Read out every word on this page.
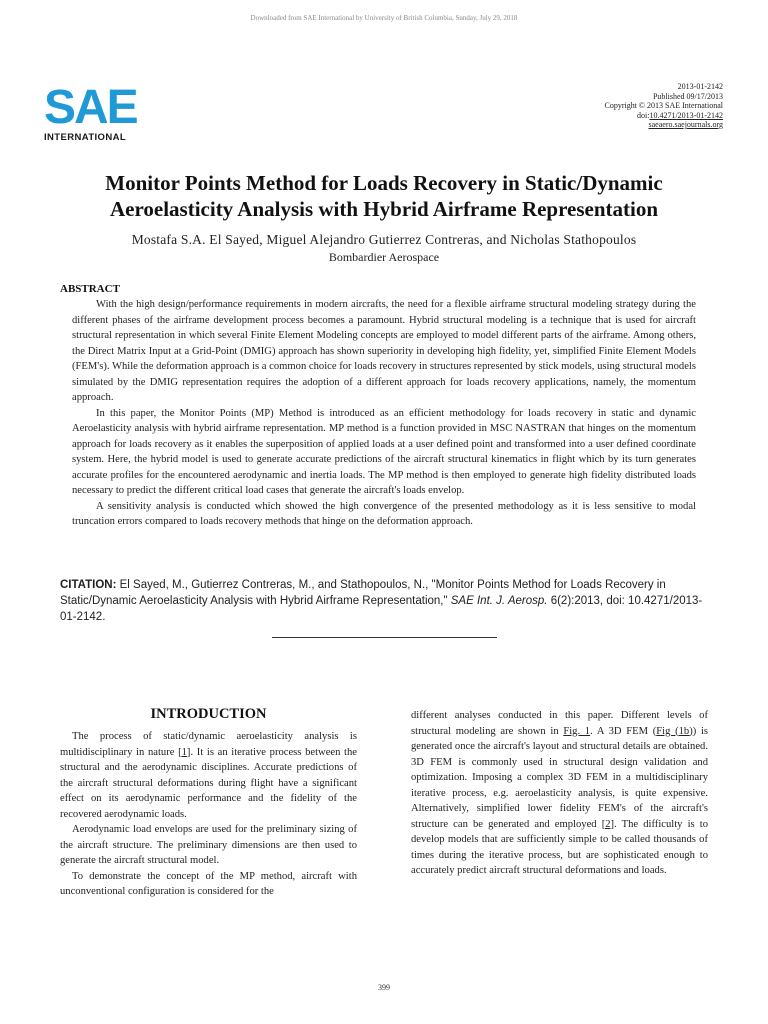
Downloaded from SAE International by University of British Columbia, Sunday, July 29, 2018
SAE
INTERNATIONAL
2013-01-2142
Published 09/17/2013
Copyright © 2013 SAE International
doi:10.4271/2013-01-2142
saeaero.saejournals.org
Monitor Points Method for Loads Recovery in Static/Dynamic
Aeroelasticity Analysis with Hybrid Airframe Representation
Mostafa S.A. El Sayed, Miguel Alejandro Gutierrez Contreras, and Nicholas Stathopoulos
Bombardier Aerospace
ABSTRACT

With the high design/performance requirements in modern aircrafts, the need for a flexible airframe structural modeling strategy during the different phases of the airframe development process becomes a paramount. Hybrid structural modeling is a technique that is used for aircraft structural representation in which several Finite Element Modeling concepts are employed to model different parts of the airframe. Among others, the Direct Matrix Input at a Grid-Point (DMIG) approach has shown superiority in developing high fidelity, yet, simplified Finite Element Models (FEM's). While the deformation approach is a common choice for loads recovery in structures represented by stick models, using structural models simulated by the DMIG representation requires the adoption of a different approach for loads recovery applications, namely, the momentum approach.

In this paper, the Monitor Points (MP) Method is introduced as an efficient methodology for loads recovery in static and dynamic Aeroelasticity analysis with hybrid airframe representation. MP method is a function provided in MSC NASTRAN that hinges on the momentum approach for loads recovery as it enables the superposition of applied loads at a user defined point and transformed into a user defined coordinate system. Here, the hybrid model is used to generate accurate predictions of the aircraft structural kinematics in flight which by its turn generates accurate profiles for the encountered aerodynamic and inertia loads. The MP method is then employed to generate high fidelity distributed loads necessary to predict the different critical load cases that generate the aircraft's loads envelop.

A sensitivity analysis is conducted which showed the high convergence of the presented methodology as it is less sensitive to modal truncation errors compared to loads recovery methods that hinge on the deformation approach.

CITATION: El Sayed, M., Gutierrez Contreras, M., and Stathopoulos, N., "Monitor Points Method for Loads Recovery in Static/Dynamic Aeroelasticity Analysis with Hybrid Airframe Representation," SAE Int. J. Aerosp. 6(2):2013, doi: 10.4271/2013-01-2142.
INTRODUCTION

The process of static/dynamic aeroelasticity analysis is multidisciplinary in nature [1]. It is an iterative process between the structural and the aerodynamic disciplines. Accurate predictions of the aircraft structural deformations during flight have a significant effect on its aerodynamic performance and the fidelity of the recovered aerodynamic loads.

Aerodynamic load envelops are used for the preliminary sizing of the aircraft structure. The preliminary dimensions are then used to generate the aircraft structural model.

To demonstrate the concept of the MP method, aircraft with unconventional configuration is considered for the

different analyses conducted in this paper. Different levels of structural modeling are shown in Fig. 1. A 3D FEM (Fig (1b)) is generated once the aircraft's layout and structural details are obtained. 3D FEM is commonly used in structural design validation and optimization. Imposing a complex 3D FEM in a multidisciplinary iterative process, e.g. aeroelasticity analysis, is quite expensive. Alternatively, simplified lower fidelity FEM's of the aircraft's structure can be generated and employed [2]. The difficulty is to develop models that are sufficiently simple to be called thousands of times during the iterative process, but are sophisticated enough to accurately predict aircraft structural deformations and loads.

399
